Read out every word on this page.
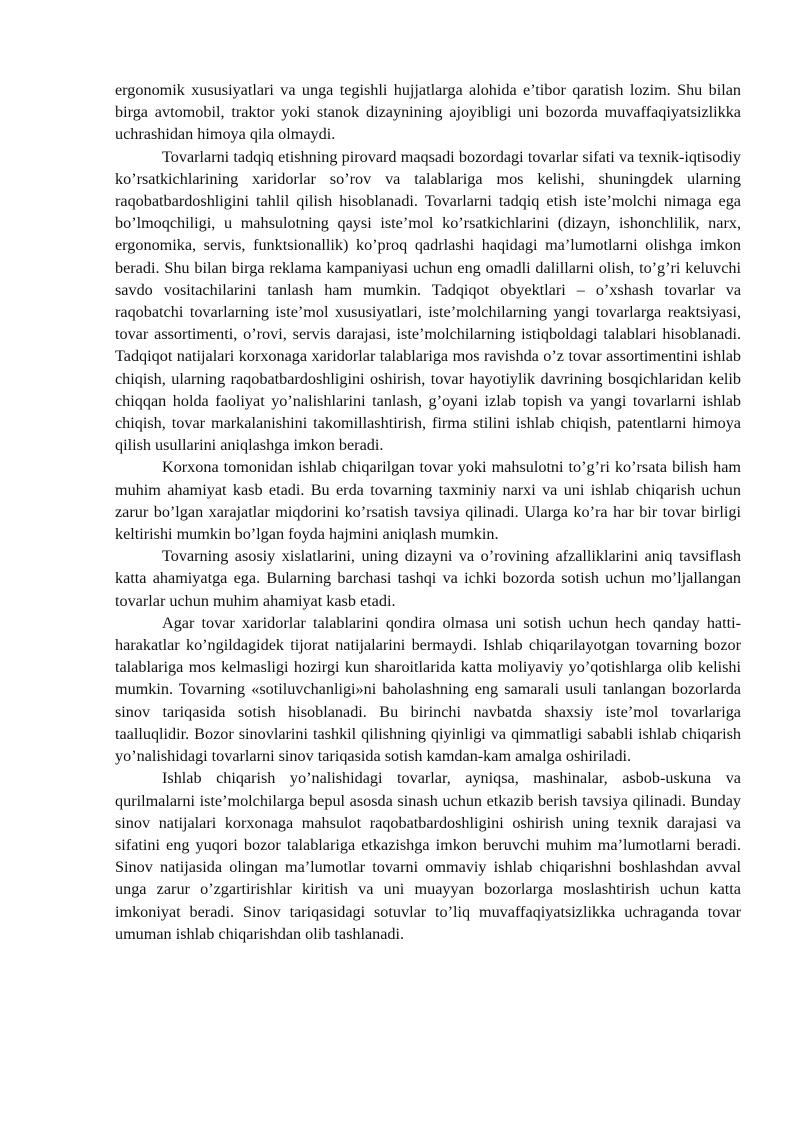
ergonomik xususiyatlari va unga tegishli hujjatlarga alohida e’tibor qaratish lozim. Shu bilan birga avtomobil, traktor yoki stanok dizaynining ajoyibligi uni bozorda muvaffaqiyatsizlikka uchrashidan himoya qila olmaydi.

Tovarlarni tadqiq etishning pirovard maqsadi bozordagi tovarlar sifati va texnik-iqtisodiy ko’rsatkichlarining xaridorlar so’rov va talablariga mos kelishi, shuningdek ularning raqobatbardoshligini tahlil qilish hisoblanadi. Tovarlarni tadqiq etish iste’molchi nimaga ega bo’lmoqchiligi, u mahsulotning qaysi iste’mol ko’rsatkichlarini (dizayn, ishonchlilik, narx, ergonomika, servis, funktsionallik) ko’proq qadrlashi haqidagi ma’lumotlarni olishga imkon beradi. Shu bilan birga reklama kampaniyasi uchun eng omadli dalillarni olish, to’g’ri keluvchi savdo vositachilarini tanlash ham mumkin. Tadqiqot obyektlari – o’xshash tovarlar va raqobatchi tovarlarning iste’mol xususiyatlari, iste’molchilarning yangi tovarlarga reaktsiyasi, tovar assortimenti, o’rovi, servis darajasi, iste’molchilarning istiqboldagi talablari hisoblanadi. Tadqiqot natijalari korxonaga xaridorlar talablariga mos ravishda o’z tovar assortimentini ishlab chiqish, ularning raqobatbardoshligini oshirish, tovar hayotiylik davrining bosqichlaridan kelib chiqqan holda faoliyat yo’nalishlarini tanlash, g’oyani izlab topish va yangi tovarlarni ishlab chiqish, tovar markalanishini takomillashtirish, firma stilini ishlab chiqish, patentlarni himoya qilish usullarini aniqlashga imkon beradi.

Korxona tomonidan ishlab chiqarilgan tovar yoki mahsulotni to’g’ri ko’rsata bilish ham muhim ahamiyat kasb etadi. Bu erda tovarning taxminiy narxi va uni ishlab chiqarish uchun zarur bo’lgan xarajatlar miqdorini ko’rsatish tavsiya qilinadi. Ularga ko’ra har bir tovar birligi keltirishi mumkin bo’lgan foyda hajmini aniqlash mumkin.

Tovarning asosiy xislatlarini, uning dizayni va o’rovining afzalliklarini aniq tavsiflash katta ahamiyatga ega. Bularning barchasi tashqi va ichki bozorda sotish uchun mo’ljallangan tovarlar uchun muhim ahamiyat kasb etadi.

Agar tovar xaridorlar talablarini qondira olmasa uni sotish uchun hech qanday hatti-harakatlar ko’ngildagidek tijorat natijalarini bermaydi. Ishlab chiqarilayotgan tovarning bozor talablariga mos kelmasligi hozirgi kun sharoitlarida katta moliyaviy yo’qotishlarga olib kelishi mumkin. Tovarning «sotiluvchanligi»ni baholashning eng samarali usuli tanlangan bozorlarda sinov tariqasida sotish hisoblanadi. Bu birinchi navbatda shaxsiy iste’mol tovarlariga taalluqlidir. Bozor sinovlarini tashkil qilishning qiyinligi va qimmatligi sababli ishlab chiqarish yo’nalishidagi tovarlarni sinov tariqasida sotish kamdan-kam amalga oshiriladi.

Ishlab chiqarish yo’nalishidagi tovarlar, ayniqsa, mashinalar, asbob-uskuna va qurilmalarni iste’molchilarga bepul asosda sinash uchun etkazib berish tavsiya qilinadi. Bunday sinov natijalari korxonaga mahsulot raqobatbardoshligini oshirish uning texnik darajasi va sifatini eng yuqori bozor talablariga etkazishga imkon beruvchi muhim ma’lumotlarni beradi. Sinov natijasida olingan ma’lumotlar tovarni ommaviy ishlab chiqarishni boshlashdan avval unga zarur o’zgartirishlar kiritish va uni muayyan bozorlarga moslashtirish uchun katta imkoniyat beradi. Sinov tariqasidagi sotuvlar to’liq muvaffaqiyatsizlikka uchraganda tovar umuman ishlab chiqarishdan olib tashlanadi.
